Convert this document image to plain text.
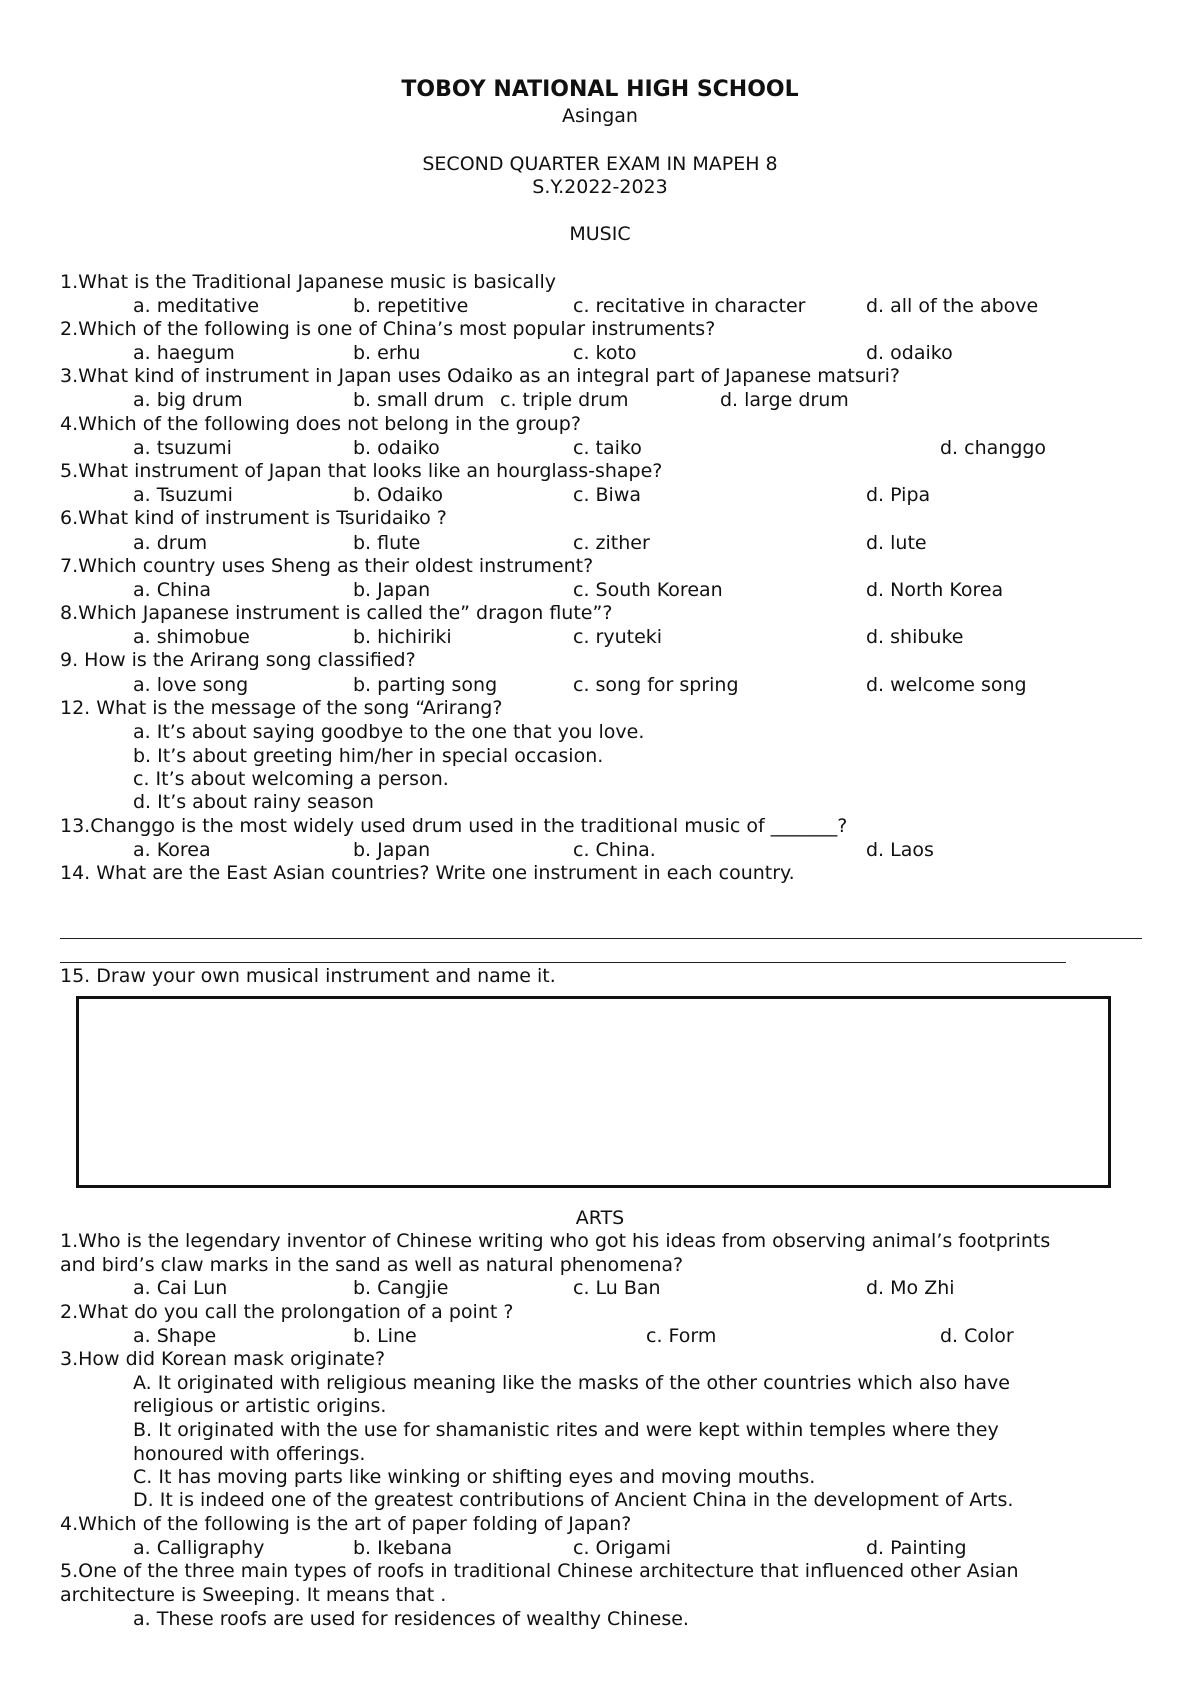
TOBOY NATIONAL HIGH SCHOOL
Asingan
SECOND QUARTER EXAM IN MAPEH 8
S.Y.2022-2023
MUSIC
1.What is the Traditional Japanese music is basically
a. meditative	b. repetitive	c. recitative in character	d. all of the above
2.Which of the following is one of China’s most popular instruments?
a. haegum	b. erhu	c. koto	d. odaiko
3.What kind of instrument in Japan uses Odaiko as an integral part of Japanese matsuri?
a. big drum	b. small drum c. triple drum	d. large drum
4.Which of the following does not belong in the group?
a. tsuzumi	b. odaiko	c. taiko	d. changgo
5.What instrument of Japan that looks like an hourglass-shape?
a. Tsuzumi	b. Odaiko	c. Biwa	d. Pipa
6.What kind of instrument is Tsuridaiko ?
a. drum	b. flute	c. zither	d. lute
7.Which country uses Sheng as their oldest instrument?
a. China	b. Japan	c. South Korean	d. North Korea
8.Which Japanese instrument is called the” dragon flute”?
a. shimobue	b. hichiriki	c. ryuteki	d. shibuke
9. How is the Arirang song classified?
a. love song	b. parting song	c. song for spring	d. welcome song
12. What is the message of the song “Arirang?
a. It’s about saying goodbye to the one that you love.
b. It’s about greeting him/her in special occasion.
c. It’s about welcoming a person.
d. It’s about rainy season
13.Changgo is the most widely used drum used in the traditional music of _______?
a. Korea	b. Japan	c. China.	d. Laos
14. What are the East Asian countries? Write one instrument in each country.
15. Draw your own musical instrument and name it.
ARTS
1.Who is the legendary inventor of Chinese writing who got his ideas from observing animal’s footprints
and bird’s claw marks in the sand as well as natural phenomena?
a. Cai Lun	b. Cangjie	c. Lu Ban	d. Mo Zhi
2.What do you call the prolongation of a point ?
a. Shape	b. Line	c. Form	d. Color
3.How did Korean mask originate?
A. It originated with religious meaning like the masks of the other countries which also have
religious or artistic origins.
B. It originated with the use for shamanistic rites and were kept within temples where they
honoured with offerings.
C. It has moving parts like winking or shifting eyes and moving mouths.
D. It is indeed one of the greatest contributions of Ancient China in the development of Arts.
4.Which of the following is the art of paper folding of Japan?
a. Calligraphy	b. Ikebana	c. Origami	d. Painting
5.One of the three main types of roofs in traditional Chinese architecture that influenced other Asian
architecture is Sweeping. It means that .
a. These roofs are used for residences of wealthy Chinese.
